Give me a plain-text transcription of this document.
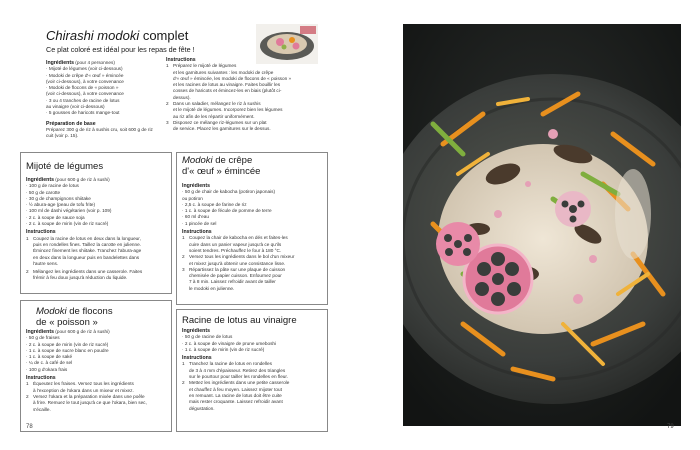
Chirashi modoki complet
Ce plat coloré est idéal pour les repas de fête !
Ingrédients (pour 4 personnes)
· Mijoté de légumes (voir ci-dessous)
· Modoki de crêpe d'« œuf » émincée
(voir ci-dessous), à votre convenance
· Modoki de flocons de « poisson »
(voir ci-dessous), à votre convenance
· 3 ou 4 tranches de racine de lotus
au vinaigre (voir ci-dessous)
· 5 gousses de haricots mange-tout
Préparation de base
Préparez 300 g de riz à sushis cru, soit 600 g de riz
cuit (voir p. 15).
Instructions
1 Préparez le mijoté de légumes
et les garnitures suivantes : les modoki de crêpe
d'« œuf » émincée, les modoki de flocons de « poisson »
et les racines de lotus au vinaigre. Faites bouillir les
cosses de haricots et émincez-les en biais (plutôt ci-
dessus).
2 Dans un saladier, mélangez le riz à sushis
et le mijoté de légumes. Incorporez bien les légumes
au riz afin de les répartir uniformément.
3 Disposez ce mélange riz-légumes sur un plat
de service. Placez les garnitures sur le dessus.
Mijoté de légumes
Ingrédients (pour 600 g de riz à sushi)
· 100 g de racine de lotus
· 50 g de carotte
· 30 g de champignons shiitake
· ½ abura-age (peau de tofu frite)
· 100 ml de dashi végétarien (voir p. 109)
· 2 c. à soupe de sauce soja
· 2 c. à soupe de mirin (vin de riz sucré)
Instructions
1 Coupez la racine de lotus en deux dans la longueur,
puis en rondelles fines. Taillez la carotte en julienne.
Émincez finement les shiitake. Tranchez l'abura-age
en deux dans la longueur puis en bandelettes dans
l'autre sens.
2 Mélangez les ingrédients dans une casserole. Faites
frémir à feu doux jusqu'à réduction du liquide.
Modoki de crêpe
d'« œuf » émincée
Ingrédients
· 50 g de chair de kabocha (potiron japonais)
ou potiron
· 2,5 c. à soupe de farine de riz
· 1 c. à soupe de fécule de pomme de terre
· 60 ml d'eau
· 1 pincée de sel
Instructions
1 Coupez la chair de kabocha en dés et faites-les
cuire dans un panier vapeur jusqu'à ce qu'ils
soient tendres. Préchauffez le four à 180 °C.
2 Versez tous les ingrédients dans le bol d'un mixeur
et mixez jusqu'à obtenir une consistance lisse.
3 Répartissez la pâte sur une plaque de cuisson
chemisée de papier cuisson. Enfournez pour
7 à 8 min. Laissez refroidir avant de tailler
le modoki en julienne.
Modoki de flocons
de « poisson »
Ingrédients (pour 600 g de riz à sushi)
· 50 g de fraises
· 2 c. à soupe de mirin (vin de riz sucré)
· 1 c. à soupe de sucre blanc en poudre
· 1 c. à soupe de saké
· ¼ de c. à café de sel
· 100 g d'okara frais
Instructions
1 Équeutez les fraises. Versez tous les ingrédients
à l'exception de l'okara dans un mixeur et mixez.
2 Versez l'okara et la préparation mixée dans une poêle
à frire. Remuez le tout jusqu'à ce que l'okara, bien sec,
s'écaille.
Racine de lotus au vinaigre
Ingrédients
· 50 g de racine de lotus
· 2 c. à soupe de vinaigre de prune umeboshi
· 1 c. à soupe de mirin (vin de riz sucré)
Instructions
1 Tranchez la racine de lotus en rondelles
de 3 à 4 mm d'épaisseur. Retirez des triangles
sur le pourtour pour tailler les rondelles en fleur.
2 Mettez les ingrédients dans une petite casserole
et chauffez à feu moyen. Laissez mijoter tout
en remuant. La racine de lotus doit être cuite
mais rester croquante. Laissez refroidir avant
dégustation.
78	79
